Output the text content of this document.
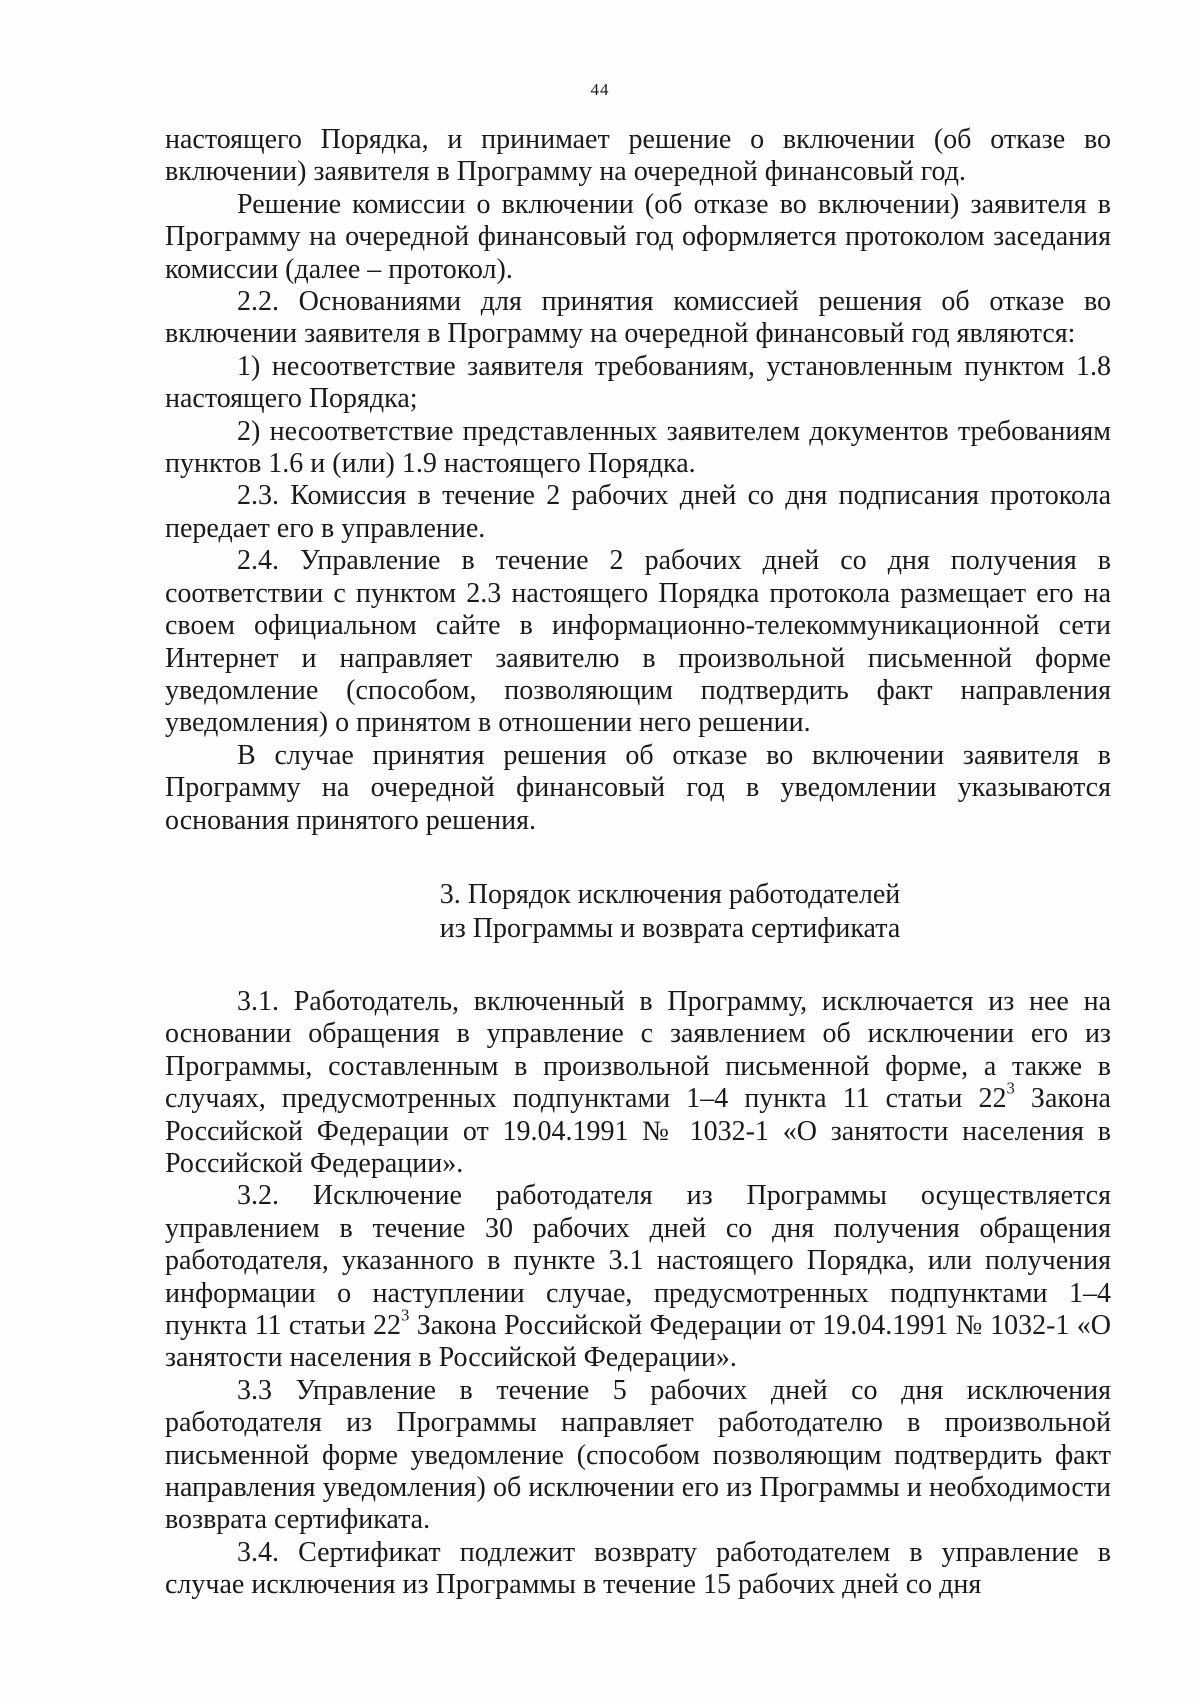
44

настоящего Порядка, и принимает решение о включении (об отказе во включении) заявителя в Программу на очередной финансовый год.

Решение комиссии о включении (об отказе во включении) заявителя в Программу на очередной финансовый год оформляется протоколом заседания комиссии (далее – протокол).

2.2. Основаниями для принятия комиссией решения об отказе во включении заявителя в Программу на очередной финансовый год являются:

1) несоответствие заявителя требованиям, установленным пунктом 1.8 настоящего Порядка;

2) несоответствие представленных заявителем документов требованиям пунктов 1.6 и (или) 1.9 настоящего Порядка.

2.3. Комиссия в течение 2 рабочих дней со дня подписания протокола передает его в управление.

2.4. Управление в течение 2 рабочих дней со дня получения в соответствии с пунктом 2.3 настоящего Порядка протокола размещает его на своем официальном сайте в информационно-телекоммуникационной сети Интернет и направляет заявителю в произвольной письменной форме уведомление (способом, позволяющим подтвердить факт направления уведомления) о принятом в отношении него решении.

В случае принятия решения об отказе во включении заявителя в Программу на очередной финансовый год в уведомлении указываются основания принятого решения.

3. Порядок исключения работодателей
из Программы и возврата сертификата

3.1. Работодатель, включенный в Программу, исключается из нее на основании обращения в управление с заявлением об исключении его из Программы, составленным в произвольной письменной форме, а также в случаях, предусмотренных подпунктами 1–4 пункта 11 статьи $22^3$ Закона Российской Федерации от 19.04.1991 № 1032-1 «О занятости населения в Российской Федерации».

3.2. Исключение работодателя из Программы осуществляется управлением в течение 30 рабочих дней со дня получения обращения работодателя, указанного в пункте 3.1 настоящего Порядка, или получения информации о наступлении случае, предусмотренных подпунктами 1–4 пункта 11 статьи $22^3$ Закона Российской Федерации от 19.04.1991 № 1032-1 «О занятости населения в Российской Федерации».

3.3 Управление в течение 5 рабочих дней со дня исключения работодателя из Программы направляет работодателю в произвольной письменной форме уведомление (способом позволяющим подтвердить факт направления уведомления) об исключении его из Программы и необходимости возврата сертификата.

3.4. Сертификат подлежит возврату работодателем в управление в случае исключения из Программы в течение 15 рабочих дней со дня
